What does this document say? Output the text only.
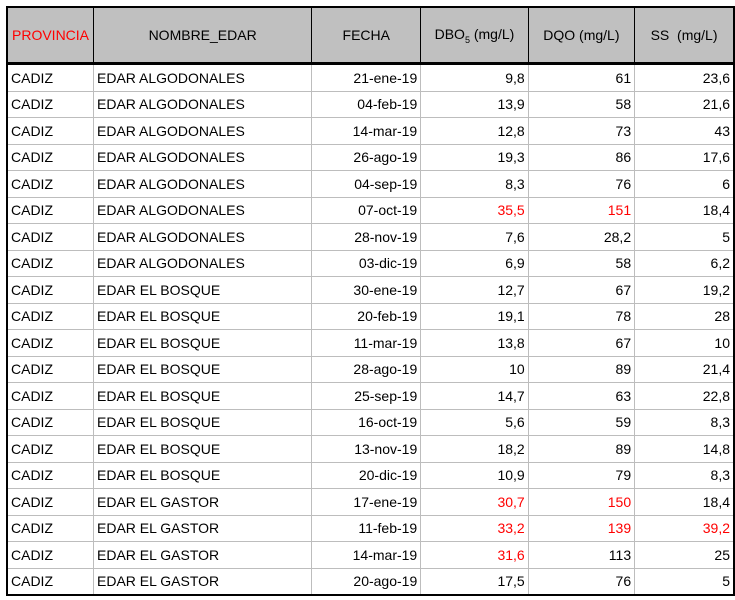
PROVINCIA	NOMBRE_EDAR	FECHA	$DBO_5$ (mg/L)	DQO (mg/L)	SS  (mg/L)
CADIZ	EDAR ALGODONALES	21-ene-19	9,8	61	23,6
CADIZ	EDAR ALGODONALES	04-feb-19	13,9	58	21,6
CADIZ	EDAR ALGODONALES	14-mar-19	12,8	73	43
CADIZ	EDAR ALGODONALES	26-ago-19	19,3	86	17,6
CADIZ	EDAR ALGODONALES	04-sep-19	8,3	76	6
CADIZ	EDAR ALGODONALES	07-oct-19	35,5	151	18,4
CADIZ	EDAR ALGODONALES	28-nov-19	7,6	28,2	5
CADIZ	EDAR ALGODONALES	03-dic-19	6,9	58	6,2
CADIZ	EDAR EL BOSQUE	30-ene-19	12,7	67	19,2
CADIZ	EDAR EL BOSQUE	20-feb-19	19,1	78	28
CADIZ	EDAR EL BOSQUE	11-mar-19	13,8	67	10
CADIZ	EDAR EL BOSQUE	28-ago-19	10	89	21,4
CADIZ	EDAR EL BOSQUE	25-sep-19	14,7	63	22,8
CADIZ	EDAR EL BOSQUE	16-oct-19	5,6	59	8,3
CADIZ	EDAR EL BOSQUE	13-nov-19	18,2	89	14,8
CADIZ	EDAR EL BOSQUE	20-dic-19	10,9	79	8,3
CADIZ	EDAR EL GASTOR	17-ene-19	30,7	150	18,4
CADIZ	EDAR EL GASTOR	11-feb-19	33,2	139	39,2
CADIZ	EDAR EL GASTOR	14-mar-19	31,6	113	25
CADIZ	EDAR EL GASTOR	20-ago-19	17,5	76	5
